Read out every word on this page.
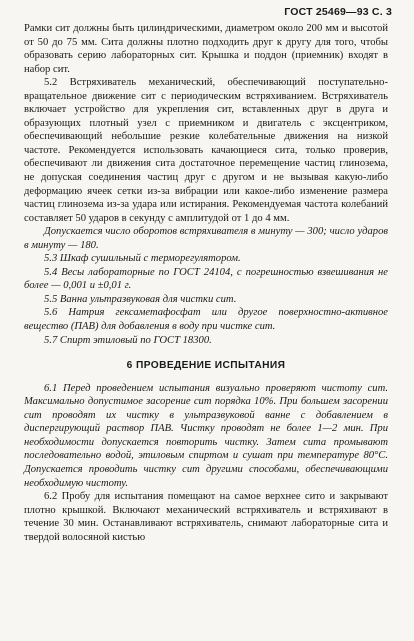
ГОСТ 25469—93 С. 3

Рамки сит должны быть цилиндрическими, диаметром около 200 мм и высотой от 50 до 75 мм. Сита должны плотно подходить друг к другу для того, чтобы образовать серию лабораторных сит. Крышка и поддон (приемник) входят в набор сит.

5.2 Встряхиватель механический, обеспечивающий поступательно-вращательное движение сит с периодическим встряхиванием. Встряхиватель включает устройство для укрепления сит, вставленных друг в друга и образующих плотный узел с приемником и двигатель с эксцентриком, обеспечивающий небольшие резкие колебательные движения на низкой частоте. Рекомендуется использовать качающиеся сита, только проверив, обеспечивают ли движения сита достаточное перемещение частиц глинозема, не допуская соединения частиц друг с другом и не вызывая какую-либо деформацию ячеек сетки из-за вибрации или какое-либо изменение размера частиц глинозема из-за удара или истирания. Рекомендуемая частота колебаний составляет 50 ударов в секунду с амплитудой от 1 до 4 мм.

Допускается число оборотов встряхивателя в минуту — 300; число ударов в минуту — 180.

5.3 Шкаф сушильный с терморегулятором.

5.4 Весы лабораторные по ГОСТ 24104, с погрешностью взвешивания не более — 0,001 и ±0,01 г.

5.5 Ванна ультразвуковая для чистки сит.

5.6 Натрия гексаметафосфат или другое поверхностно-активное вещество (ПАВ) для добавления в воду при чистке сит.

5.7 Спирт этиловый по ГОСТ 18300.

6 ПРОВЕДЕНИЕ ИСПЫТАНИЯ

6.1 Перед проведением испытания визуально проверяют чистоту сит. Максимально допустимое засорение сит порядка 10%. При большем засорении сит проводят их чистку в ультразвуковой ванне с добавлением в диспергирующий раствор ПАВ. Чистку проводят не более 1—2 мин. При необходимости допускается повторить чистку. Затем сита промывают последовательно водой, этиловым спиртом и сушат при температуре 80°С. Допускается проводить чистку сит другими способами, обеспечивающими необходимую чистоту.

6.2 Пробу для испытания помещают на самое верхнее сито и закрывают плотно крышкой. Включают механический встряхиватель и встряхивают в течение 30 мин. Останавливают встряхиватель, снимают лабораторные сита и твердой волосяной кистью
